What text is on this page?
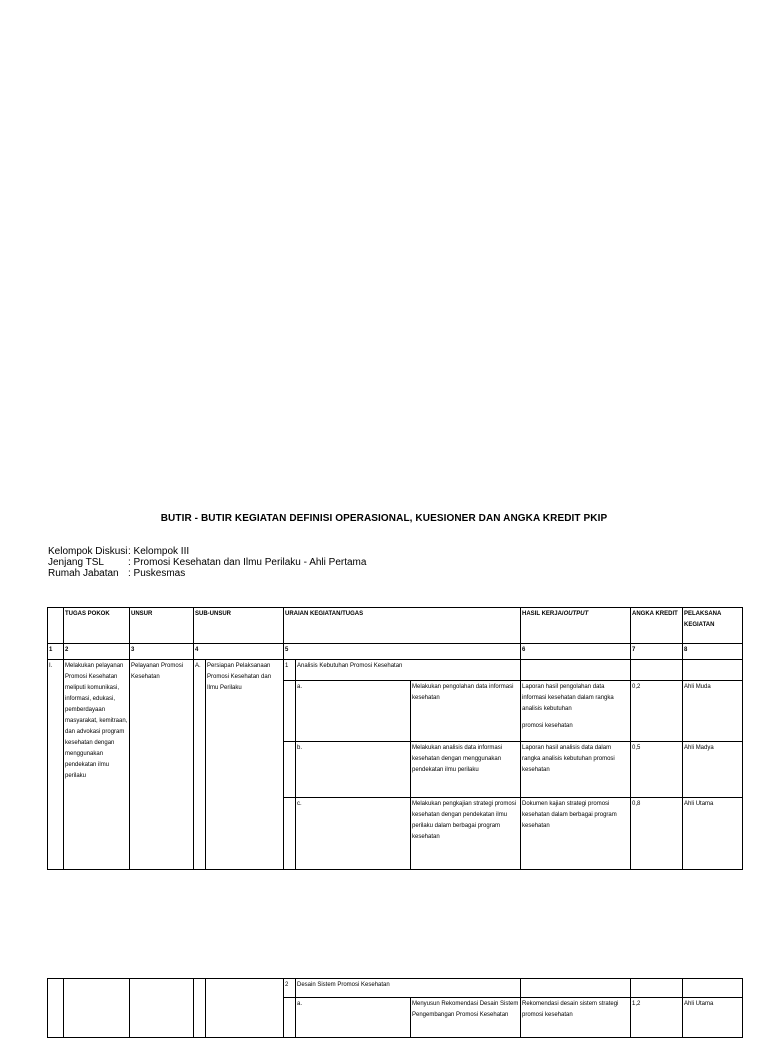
BUTIR - BUTIR KEGIATAN DEFINISI OPERASIONAL, KUESIONER DAN ANGKA KREDIT PKIP
Kelompok Diskusi : Kelompok III
Jenjang TSL	: Promosi Kesehatan dan Ilmu Perilaku - Ahli Pertama
Rumah Jabatan : Puskesmas
	TUGAS POKOK	UNSUR	SUB-UNSUR		URAIAN KEGIATAN/TUGAS			HASIL KERJA/OUTPUT	ANGKA KREDIT	PELAKSANA KEGIATAN
1	2	3	4		5			6	7	8
I.	Melakukan pelayanan Promosi Kesehatan meliputi komunikasi, informasi, edukasi, pemberdayaan masyarakat, kemitraan, dan advokasi program kesehatan dengan menggunakan pendekatan ilmu perilaku	Pelayanan Promosi Kesehatan	A.	Persiapan Pelaksanaan Promosi Kesehatan dan Ilmu Perilaku	1	Analisis Kebutuhan Promosi Kesehatan				
						a.	Melakukan pengolahan data informasi kesehatan	Laporan hasil pengolahan data informasi kesehatan dalam rangka analisis kebutuhan
promosi kesehatan	0,2	Ahli Muda
						b.	Melakukan analisis data informasi kesehatan dengan menggunakan pendekatan ilmu perilaku	Laporan hasil analisis data dalam rangka analisis kebutuhan promosi kesehatan	0,5	Ahli Madya
						c.	Melakukan pengkajian strategi promosi kesehatan dengan pendekatan ilmu perilaku dalam berbagai program kesehatan	Dokumen kajian strategi promosi kesehatan dalam berbagai program kesehatan	0,8	Ahli Utama
					2	Desain Sistem Promosi Kesehatan				
						a.	Menyusun Rekomendasi Desain Sistem Pengembangan Promosi Kesehatan	Rekomendasi desain sistem strategi promosi kesehatan	1,2	Ahli Utama
